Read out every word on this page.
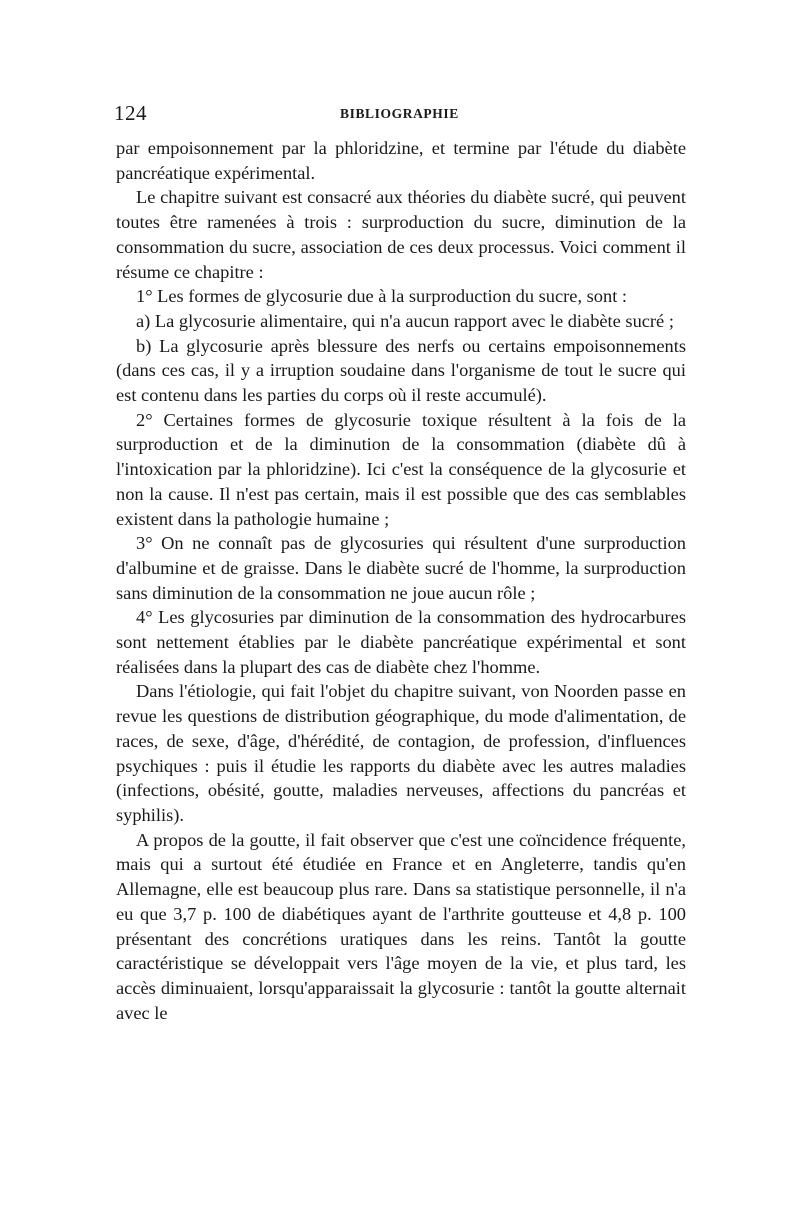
124	BIBLIOGRAPHIE

par empoisonnement par la phloridzine, et termine par l'étude du diabète pancréatique expérimental.

Le chapitre suivant est consacré aux théories du diabète sucré, qui peuvent toutes être ramenées à trois : surproduction du sucre, diminution de la consommation du sucre, association de ces deux processus. Voici comment il résume ce chapitre :

1° Les formes de glycosurie due à la surproduction du sucre, sont :

a) La glycosurie alimentaire, qui n'a aucun rapport avec le diabète sucré ;

b) La glycosurie après blessure des nerfs ou certains empoisonnements (dans ces cas, il y a irruption soudaine dans l'organisme de tout le sucre qui est contenu dans les parties du corps où il reste accumulé).

2° Certaines formes de glycosurie toxique résultent à la fois de la surproduction et de la diminution de la consommation (diabète dû à l'intoxication par la phloridzine). Ici c'est la conséquence de la glycosurie et non la cause. Il n'est pas certain, mais il est possible que des cas semblables existent dans la pathologie humaine ;

3° On ne connaît pas de glycosuries qui résultent d'une surproduction d'albumine et de graisse. Dans le diabète sucré de l'homme, la surproduction sans diminution de la consommation ne joue aucun rôle ;

4° Les glycosuries par diminution de la consommation des hydrocarbures sont nettement établies par le diabète pancréatique expérimental et sont réalisées dans la plupart des cas de diabète chez l'homme.

Dans l'étiologie, qui fait l'objet du chapitre suivant, von Noorden passe en revue les questions de distribution géographique, du mode d'alimentation, de races, de sexe, d'âge, d'hérédité, de contagion, de profession, d'influences psychiques : puis il étudie les rapports du diabète avec les autres maladies (infections, obésité, goutte, maladies nerveuses, affections du pancréas et syphilis).

A propos de la goutte, il fait observer que c'est une coïncidence fréquente, mais qui a surtout été étudiée en France et en Angleterre, tandis qu'en Allemagne, elle est beaucoup plus rare. Dans sa statistique personnelle, il n'a eu que 3,7 p. 100 de diabétiques ayant de l'arthrite goutteuse et 4,8 p. 100 présentant des concrétions uratiques dans les reins. Tantôt la goutte caractéristique se développait vers l'âge moyen de la vie, et plus tard, les accès diminuaient, lorsqu'apparaissait la glycosurie : tantôt la goutte alternait avec le
